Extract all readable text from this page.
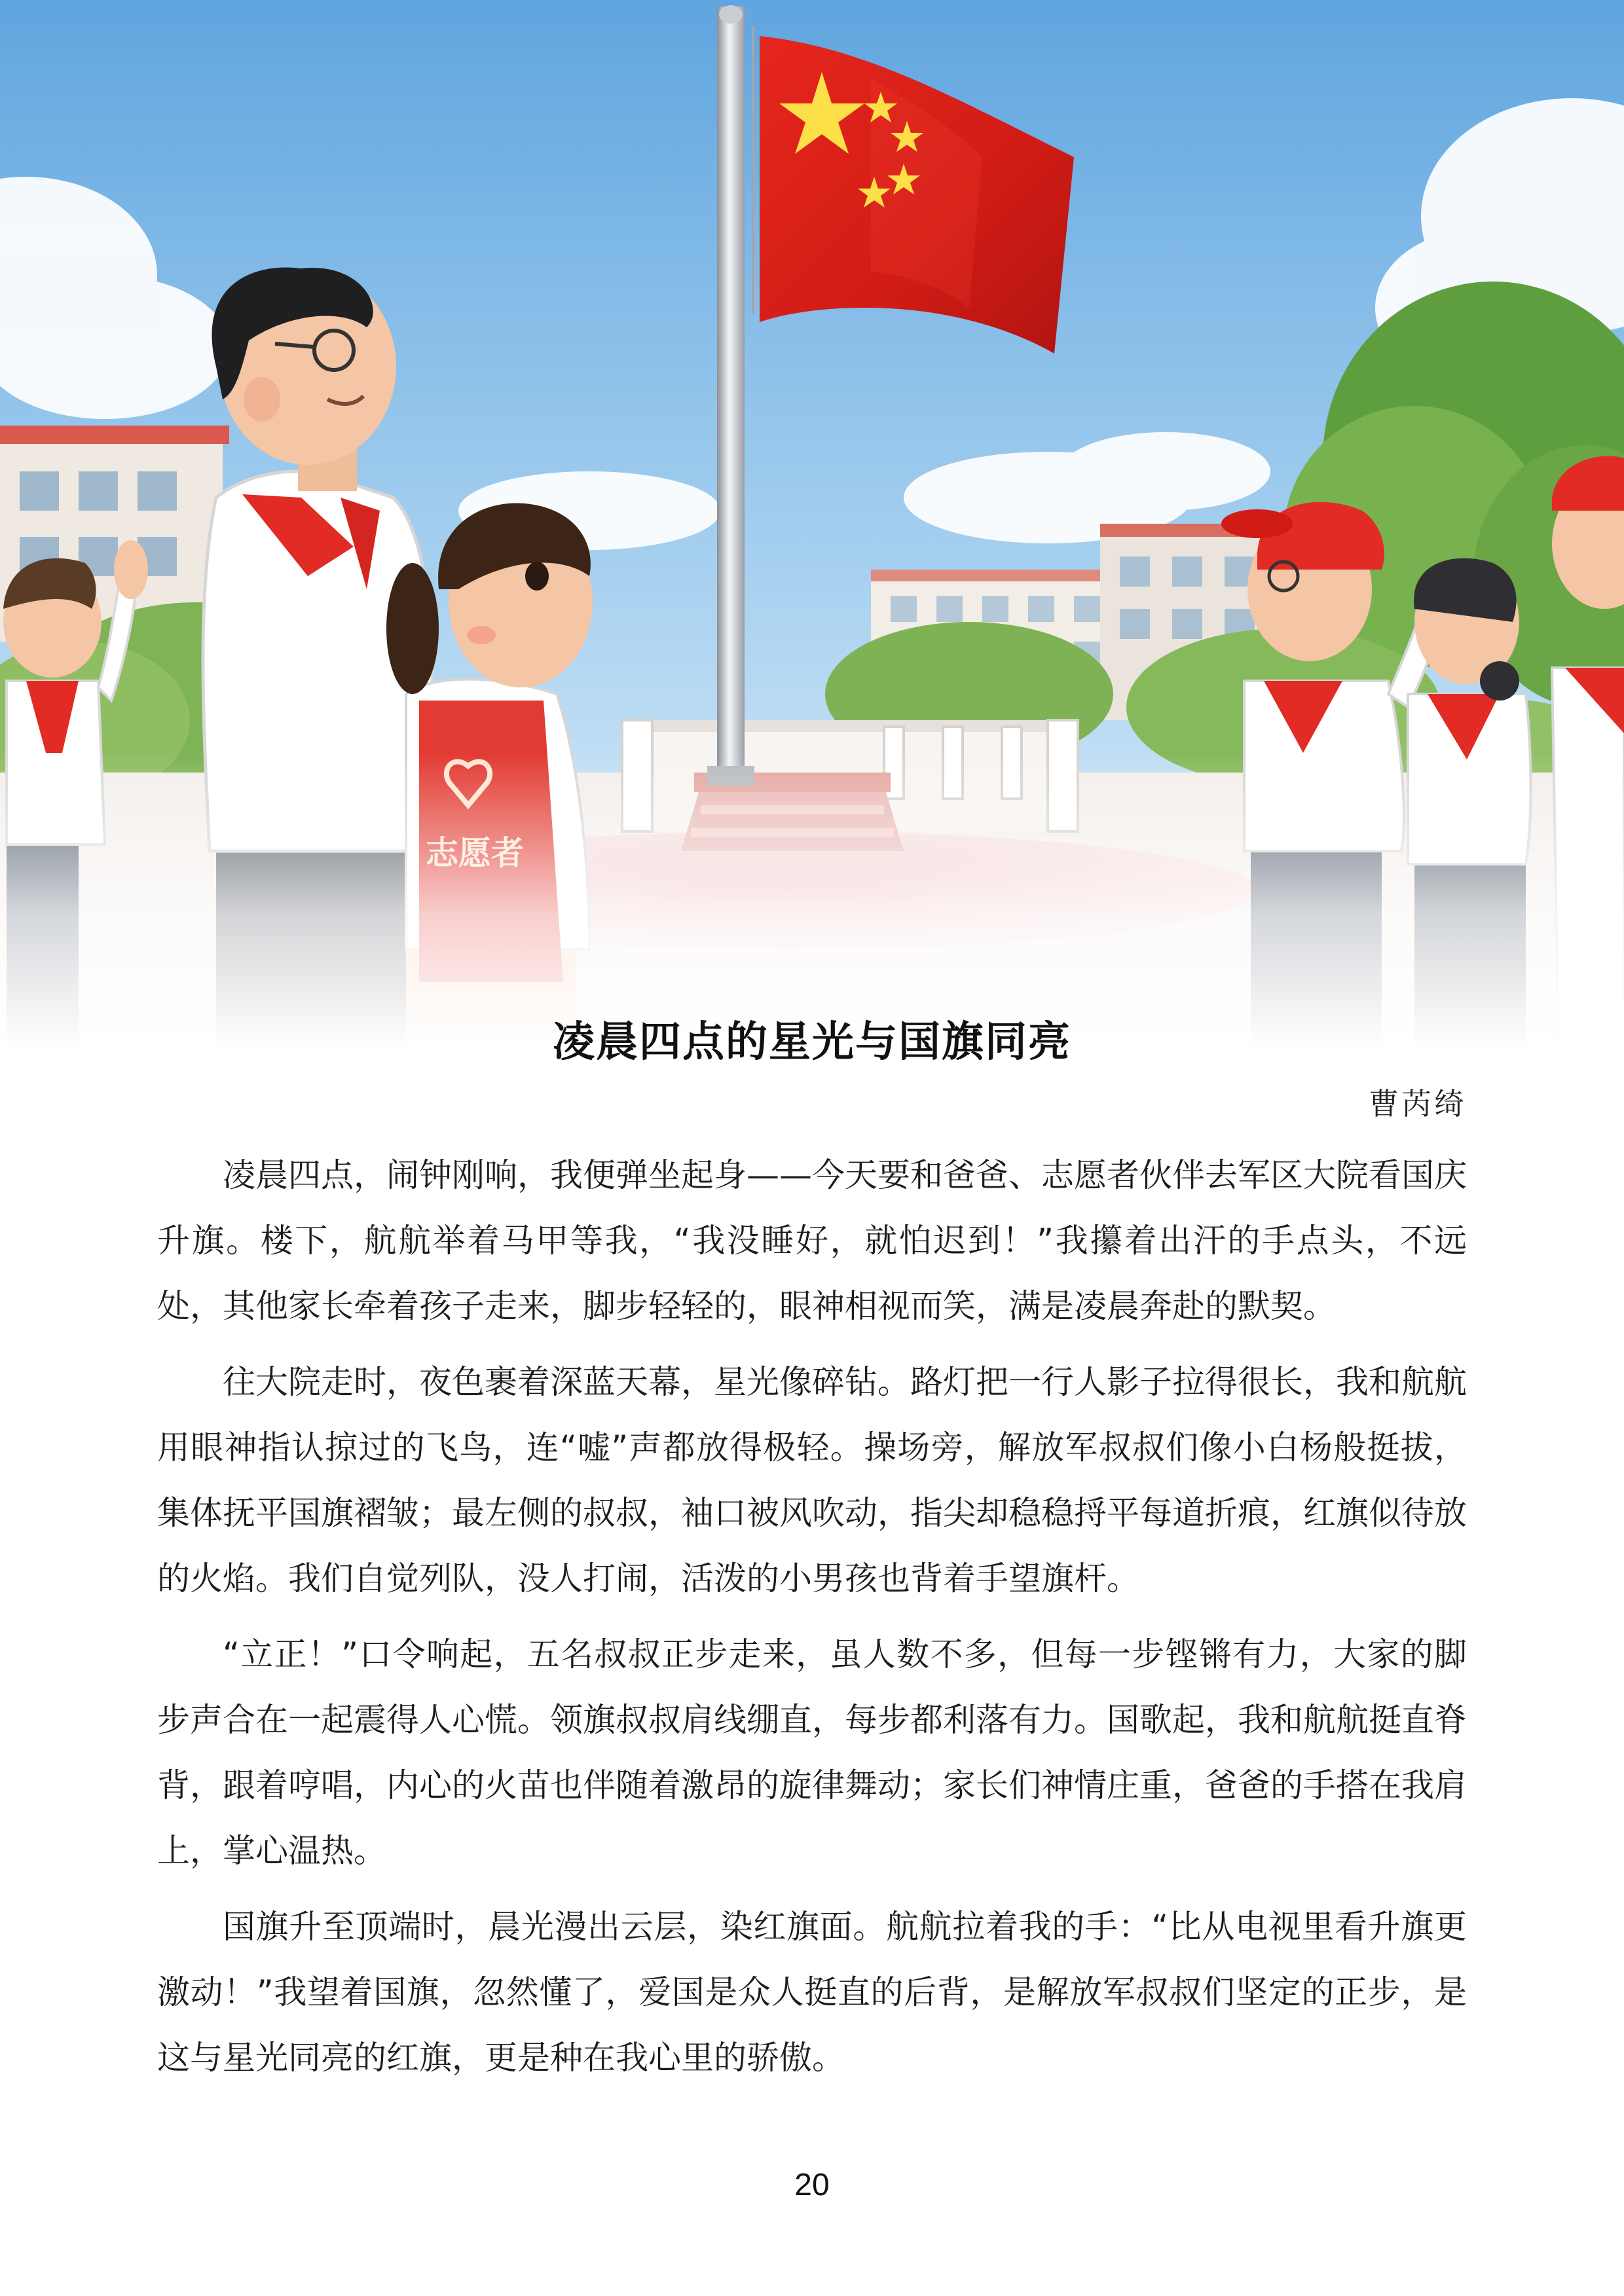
凌晨四点的星光与国旗同亮
曹芮绮

凌晨四点，闹钟刚响，我便弹坐起身——今天要和爸爸、志愿者伙伴去军区大院看国庆升旗。楼下，航航举着马甲等我，“我没睡好，就怕迟到！”我攥着出汗的手点头，不远处，其他家长牵着孩子走来，脚步轻轻的，眼神相视而笑，满是凌晨奔赴的默契。

往大院走时，夜色裹着深蓝天幕，星光像碎钻。路灯把一行人影子拉得很长，我和航航用眼神指认掠过的飞鸟，连“嘘”声都放得极轻。操场旁，解放军叔叔们像小白杨般挺拔，集体抚平国旗褶皱；最左侧的叔叔，袖口被风吹动，指尖却稳稳捋平每道折痕，红旗似待放的火焰。我们自觉列队，没人打闹，活泼的小男孩也背着手望旗杆。

“立正！”口令响起，五名叔叔正步走来，虽人数不多，但每一步铿锵有力，大家的脚步声合在一起震得人心慌。领旗叔叔肩线绷直，每步都利落有力。国歌起，我和航航挺直脊背，跟着哼唱，内心的火苗也伴随着激昂的旋律舞动；家长们神情庄重，爸爸的手搭在我肩上，掌心温热。

国旗升至顶端时，晨光漫出云层，染红旗面。航航拉着我的手：“比从电视里看升旗更激动！”我望着国旗，忽然懂了，爱国是众人挺直的后背，是解放军叔叔们坚定的正步，是这与星光同亮的红旗，更是种在我心里的骄傲。

20
